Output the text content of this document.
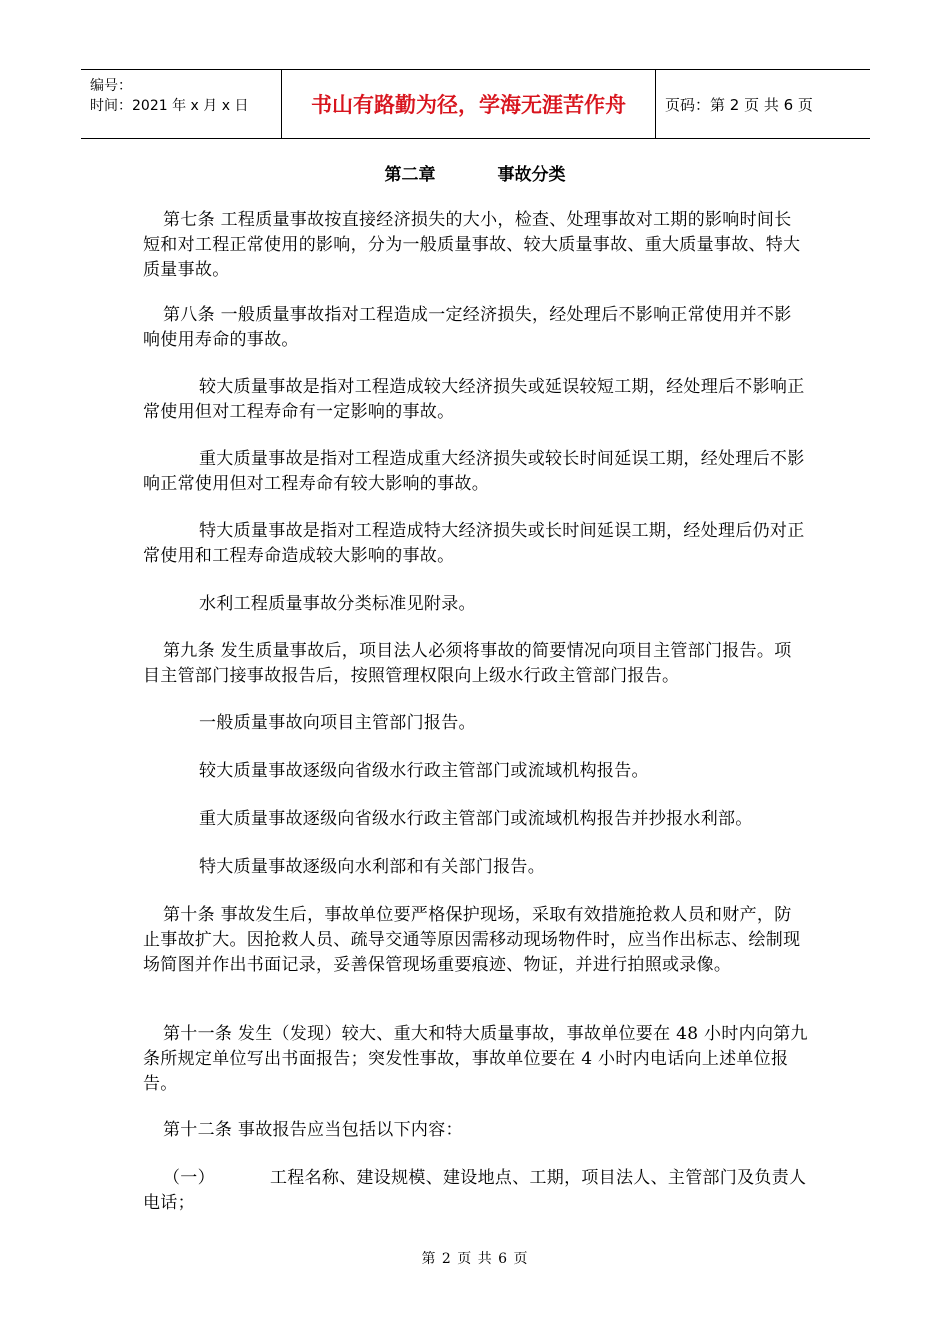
编号：
时间：2021 年 x 月 x 日	书山有路勤为径，学海无涯苦作舟	页码：第 2 页 共 6 页
第二章	事故分类

第七条 工程质量事故按直接经济损失的大小，检查、处理事故对工期的影响时间长短和对工程正常使用的影响，分为一般质量事故、较大质量事故、重大质量事故、特大质量事故。

第八条 一般质量事故指对工程造成一定经济损失，经处理后不影响正常使用并不影响使用寿命的事故。

较大质量事故是指对工程造成较大经济损失或延误较短工期，经处理后不影响正常使用但对工程寿命有一定影响的事故。

重大质量事故是指对工程造成重大经济损失或较长时间延误工期，经处理后不影响正常使用但对工程寿命有较大影响的事故。

特大质量事故是指对工程造成特大经济损失或长时间延误工期，经处理后仍对正常使用和工程寿命造成较大影响的事故。

水利工程质量事故分类标准见附录。

第九条 发生质量事故后，项目法人必须将事故的简要情况向项目主管部门报告。项目主管部门接事故报告后，按照管理权限向上级水行政主管部门报告。

一般质量事故向项目主管部门报告。

较大质量事故逐级向省级水行政主管部门或流域机构报告。

重大质量事故逐级向省级水行政主管部门或流域机构报告并抄报水利部。

特大质量事故逐级向水利部和有关部门报告。

第十条 事故发生后，事故单位要严格保护现场，采取有效措施抢救人员和财产，防止事故扩大。因抢救人员、疏导交通等原因需移动现场物件时，应当作出标志、绘制现场简图并作出书面记录，妥善保管现场重要痕迹、物证，并进行拍照或录像。

第十一条 发生（发现）较大、重大和特大质量事故，事故单位要在 48 小时内向第九条所规定单位写出书面报告；突发性事故，事故单位要在 4 小时内电话向上述单位报告。

第十二条 事故报告应当包括以下内容：

（一）	工程名称、建设规模、建设地点、工期，项目法人、主管部门及负责人电话；

第 2 页 共 6 页
